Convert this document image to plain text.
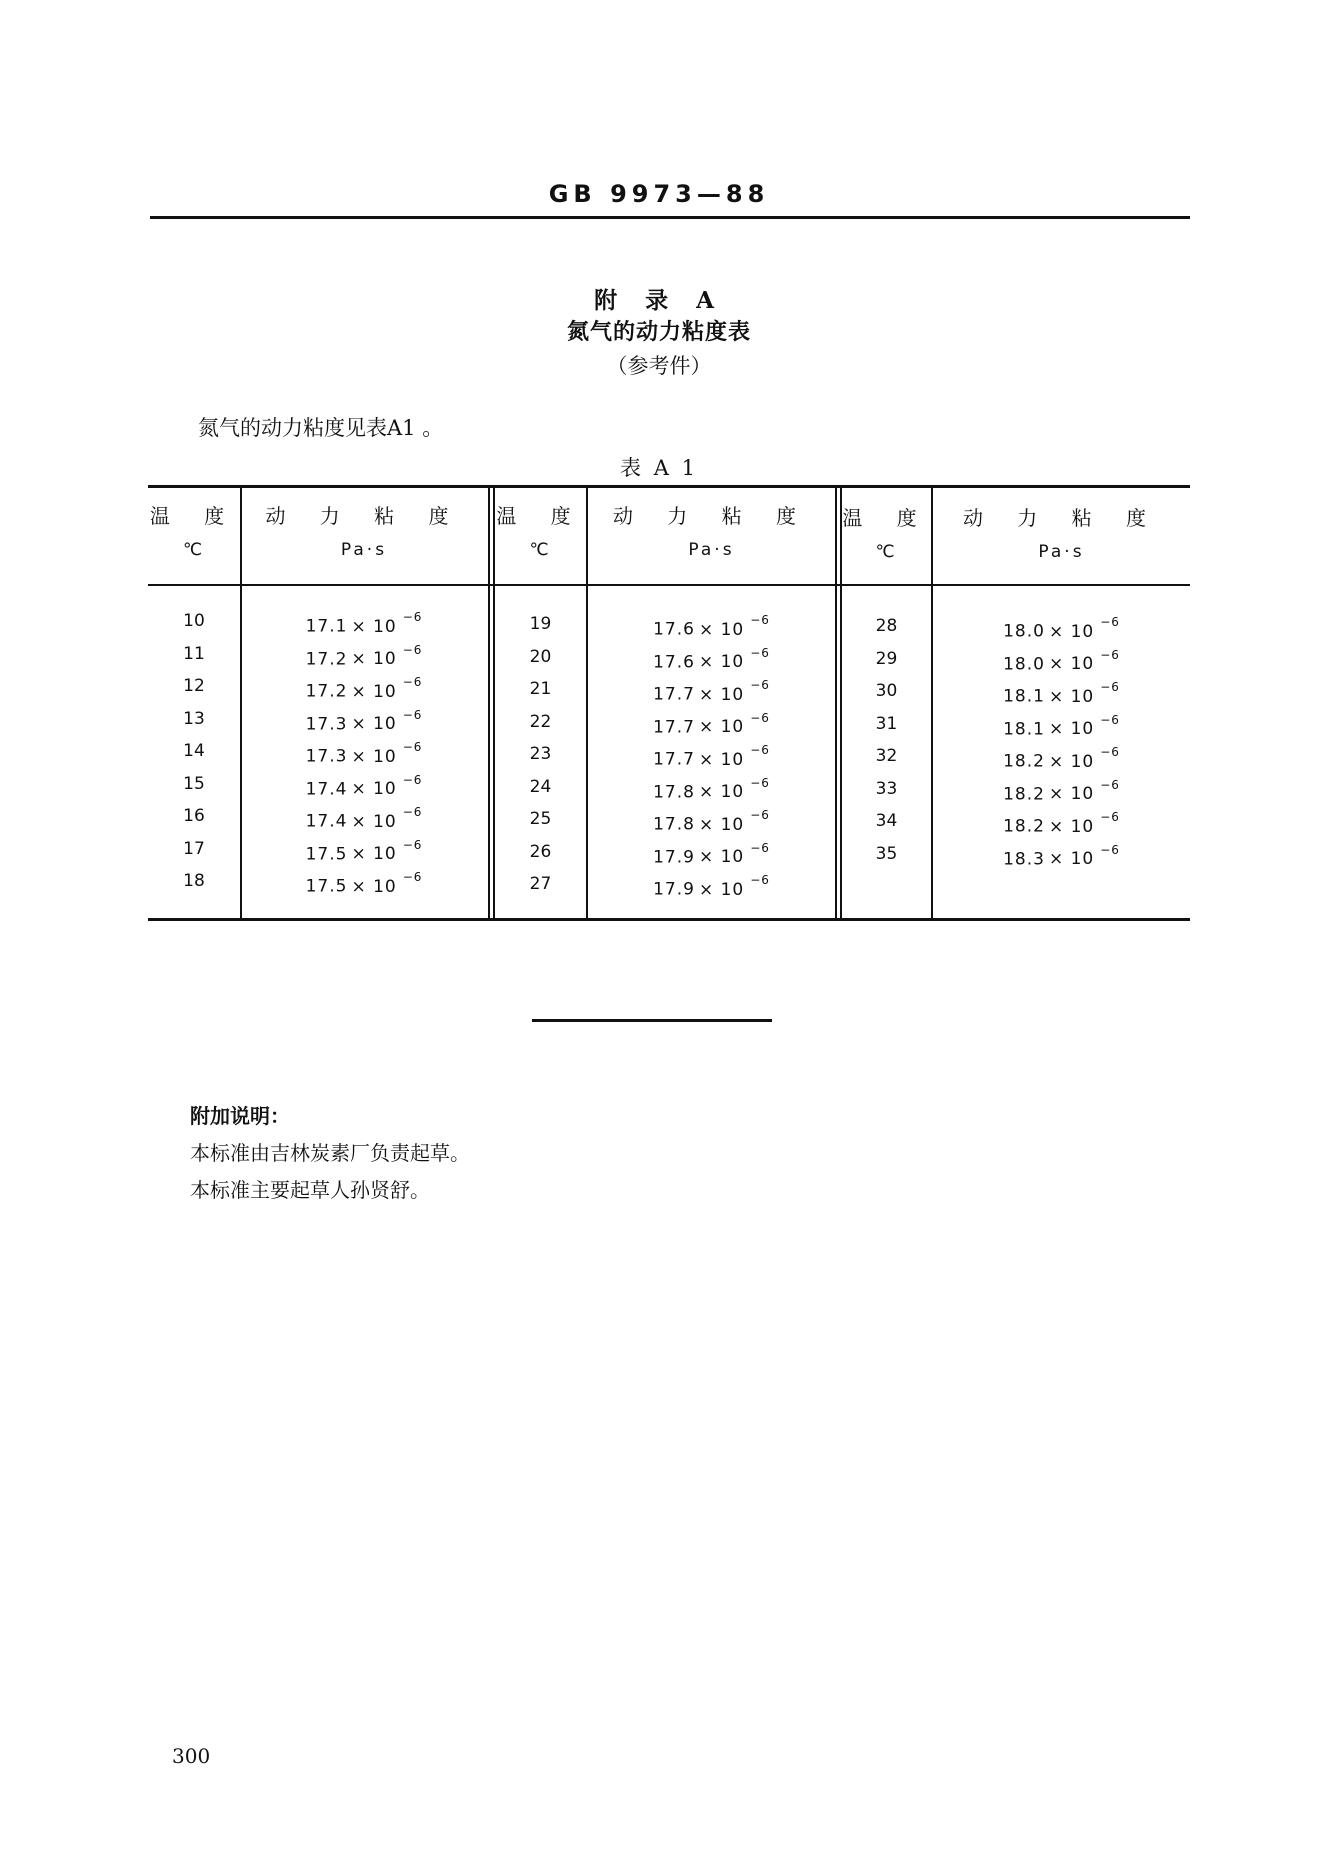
GB 9973—88
附 录 A
氮气的动力粘度表
（参考件）
氮气的动力粘度见表A1 。
表 A 1
温 度
℃
动 力 粘 度
Pa·s
温 度
℃
动 力 粘 度
Pa·s
温 度
℃
动 力 粘 度
Pa·s
10
11
12
13
14
15
16
17
18
17.1 × 10 $^{-6}$
17.2 × 10 $^{-6}$
17.2 × 10 $^{-6}$
17.3 × 10 $^{-6}$
17.3 × 10 $^{-6}$
17.4 × 10 $^{-6}$
17.4 × 10 $^{-6}$
17.5 × 10 $^{-6}$
17.5 × 10 $^{-6}$
19
20
21
22
23
24
25
26
27
17.6 × 10 $^{-6}$
17.6 × 10 $^{-6}$
17.7 × 10 $^{-6}$
17.7 × 10 $^{-6}$
17.7 × 10 $^{-6}$
17.8 × 10 $^{-6}$
17.8 × 10 $^{-6}$
17.9 × 10 $^{-6}$
17.9 × 10 $^{-6}$
28
29
30
31
32
33
34
35
18.0 × 10 $^{-6}$
18.0 × 10 $^{-6}$
18.1 × 10 $^{-6}$
18.1 × 10 $^{-6}$
18.2 × 10 $^{-6}$
18.2 × 10 $^{-6}$
18.2 × 10 $^{-6}$
18.3 × 10 $^{-6}$
附加说明：
本标准由吉林炭素厂负责起草。
本标准主要起草人孙贤舒。
300
